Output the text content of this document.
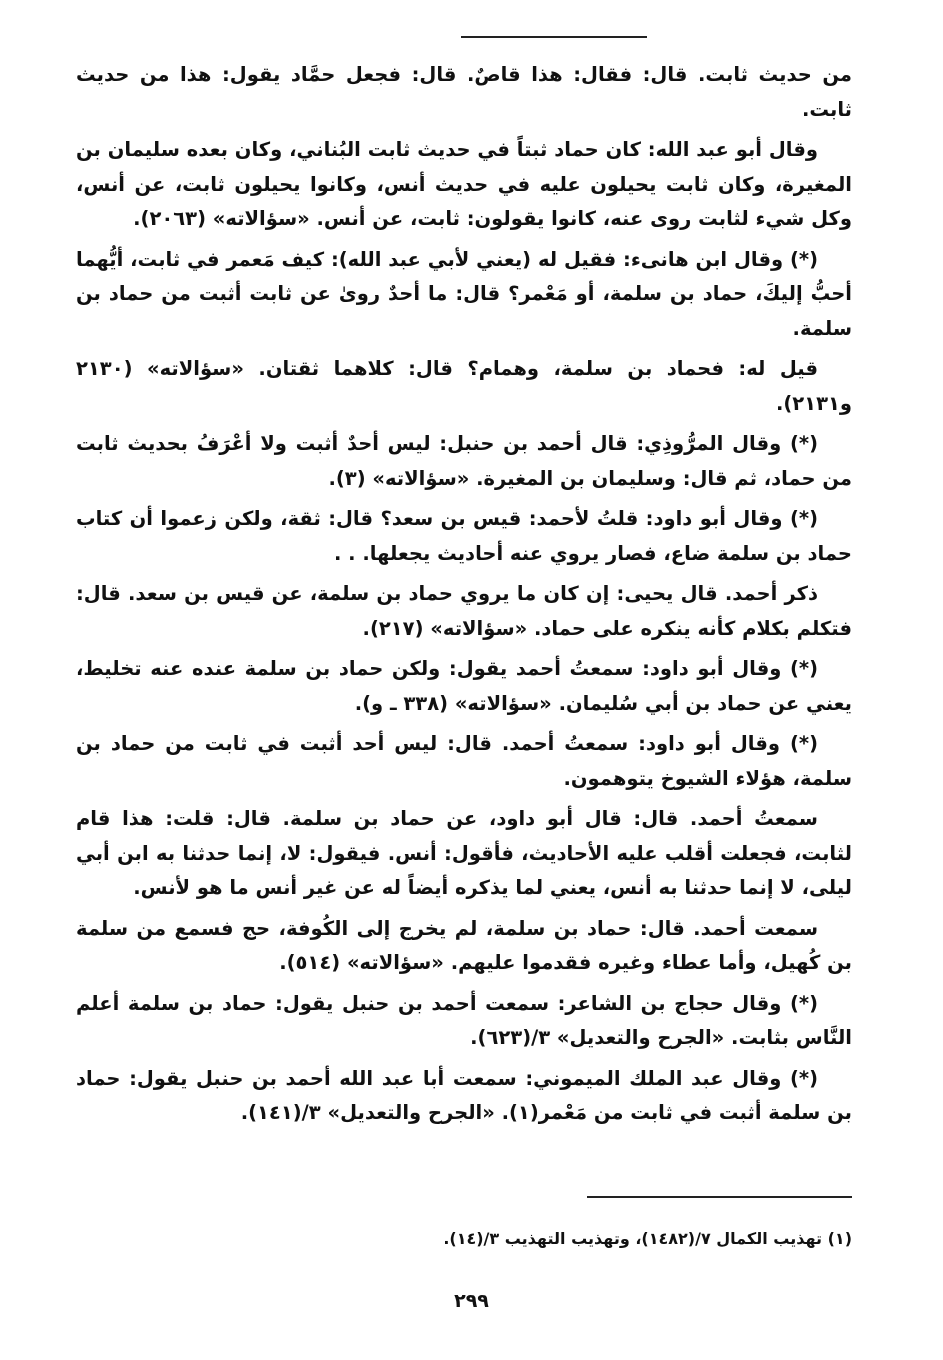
من حديث ثابت. قال: فقال: هذا قاصٌ. قال: فجعل حمَّاد يقول: هذا من حديث ثابت.

وقال أبو عبد الله: كان حماد ثبتاً في حديث ثابت البُناني، وكان بعده سليمان بن المغيرة، وكان ثابت يحيلون عليه في حديث أنس، وكانوا يحيلون ثابت، عن أنس، وكل شيء لثابت روى عنه، كانوا يقولون: ثابت، عن أنس. «سؤالاته» (٢٠٦٣).

(*) وقال ابن هانىء: فقيل له (يعني لأبي عبد الله): كيف مَعمر في ثابت، أيُّهما أحبُّ إليكَ، حماد بن سلمة، أو مَعْمر؟ قال: ما أحدٌ روىٰ عن ثابت أثبت من حماد بن سلمة.

قيل له: فحماد بن سلمة، وهمام؟ قال: كلاهما ثقتان. «سؤالاته» (٢١٣٠ و٢١٣١).

(*) وقال المرُّوذِي: قال أحمد بن حنبل: ليس أحدٌ أثبت ولا أعْرَفُ بحديث ثابت من حماد، ثم قال: وسليمان بن المغيرة. «سؤالاته» (٣).

(*) وقال أبو داود: قلتُ لأحمد: قيس بن سعد؟ قال: ثقة، ولكن زعموا أن كتاب حماد بن سلمة ضاع، فصار يروي عنه أحاديث يجعلها. . .

ذكر أحمد. قال يحيى: إن كان ما يروي حماد بن سلمة، عن قيس بن سعد. قال: فتكلم بكلام كأنه ينكره على حماد. «سؤالاته» (٢١٧).

(*) وقال أبو داود: سمعتُ أحمد يقول: ولكن حماد بن سلمة عنده عنه تخليط، يعني عن حماد بن أبي سُليمان. «سؤالاته» (٣٣٨ ـ و).

(*) وقال أبو داود: سمعتُ أحمد. قال: ليس أحد أثبت في ثابت من حماد بن سلمة، هؤلاء الشيوخ يتوهمون.

سمعتُ أحمد. قال: قال أبو داود، عن حماد بن سلمة. قال: قلت: هذا قام لثابت، فجعلت أقلب عليه الأحاديث، فأقول: أنس. فيقول: لا، إنما حدثنا به ابن أبي ليلى، لا إنما حدثنا به أنس، يعني لما يذكره أيضاً له عن غير أنس ما هو لأنس.

سمعت أحمد. قال: حماد بن سلمة، لم يخرج إلى الكُوفة، حج فسمع من سلمة بن كُهيل، وأما عطاء وغيره فقدموا عليهم. «سؤالاته» (٥١٤).

(*) وقال حجاج بن الشاعر: سمعت أحمد بن حنبل يقول: حماد بن سلمة أعلم النَّاس بثابت. «الجرح والتعديل» ٣/(٦٢٣).

(*) وقال عبد الملك الميموني: سمعت أبا عبد الله أحمد بن حنبل يقول: حماد بن سلمة أثبت في ثابت من مَعْمر(١). «الجرح والتعديل» ٣/(١٤١).

(١) تهذيب الكمال ٧/(١٤٨٢)، وتهذيب التهذيب ٣/(١٤).
٢٩٩
